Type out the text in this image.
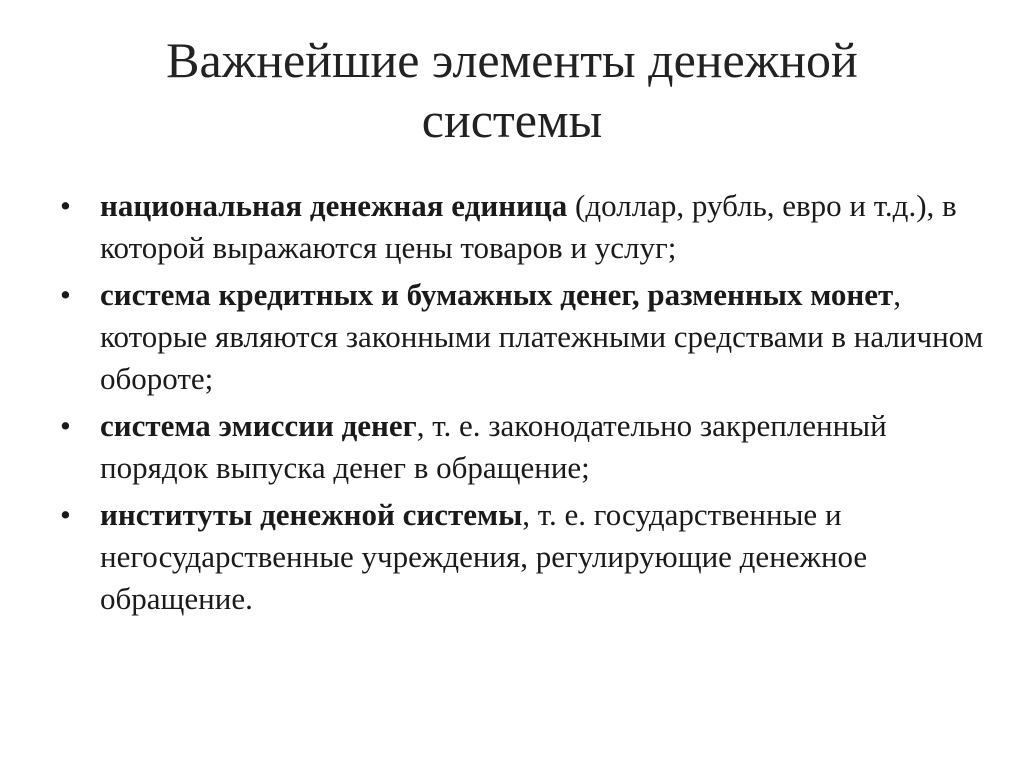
Важнейшие элементы денежной
системы
• национальная денежная единица (доллар, рубль, евро и т.д.), в которой выражаются цены товаров и услуг;
• система кредитных и бумажных денег, разменных монет, которые являются законными платежными средствами в наличном обороте;
• система эмиссии денег, т. е. законодательно закрепленный порядок выпуска денег в обращение;
• институты денежной системы, т. е. государственные и негосударственные учреждения, регулирующие денежное обращение.
